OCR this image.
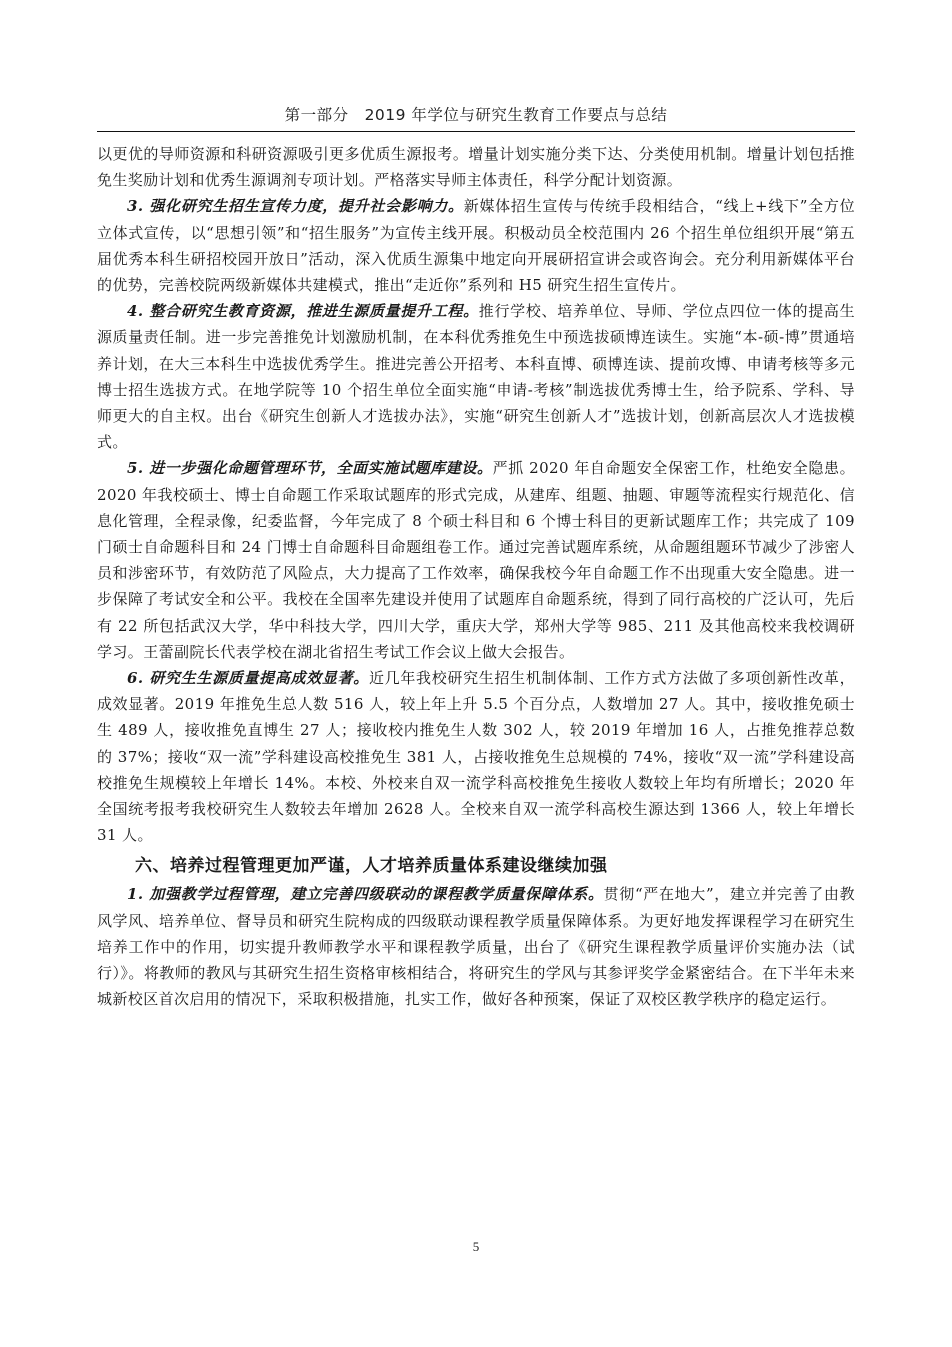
第一部分　2019 年学位与研究生教育工作要点与总结

以更优的导师资源和科研资源吸引更多优质生源报考。增量计划实施分类下达、分类使用机制。增量计划包括推免生奖励计划和优秀生源调剂专项计划。严格落实导师主体责任，科学分配计划资源。

3. 强化研究生招生宣传力度，提升社会影响力。新媒体招生宣传与传统手段相结合，“线上+线下”全方位立体式宣传，以“思想引领”和“招生服务”为宣传主线开展。积极动员全校范围内 26 个招生单位组织开展“第五届优秀本科生研招校园开放日”活动，深入优质生源集中地定向开展研招宣讲会或咨询会。充分利用新媒体平台的优势，完善校院两级新媒体共建模式，推出“走近你”系列和 H5 研究生招生宣传片。

4. 整合研究生教育资源，推进生源质量提升工程。推行学校、培养单位、导师、学位点四位一体的提高生源质量责任制。进一步完善推免计划激励机制，在本科优秀推免生中预选拔硕博连读生。实施“本-硕-博”贯通培养计划，在大三本科生中选拔优秀学生。推进完善公开招考、本科直博、硕博连读、提前攻博、申请考核等多元博士招生选拔方式。在地学院等 10 个招生单位全面实施“申请-考核”制选拔优秀博士生，给予院系、学科、导师更大的自主权。出台《研究生创新人才选拔办法》，实施“研究生创新人才”选拔计划，创新高层次人才选拔模式。

5. 进一步强化命题管理环节，全面实施试题库建设。严抓 2020 年自命题安全保密工作，杜绝安全隐患。2020 年我校硕士、博士自命题工作采取试题库的形式完成，从建库、组题、抽题、审题等流程实行规范化、信息化管理，全程录像，纪委监督，今年完成了 8 个硕士科目和 6 个博士科目的更新试题库工作；共完成了 109 门硕士自命题科目和 24 门博士自命题科目命题组卷工作。通过完善试题库系统，从命题组题环节减少了涉密人员和涉密环节，有效防范了风险点，大力提高了工作效率，确保我校今年自命题工作不出现重大安全隐患。进一步保障了考试安全和公平。我校在全国率先建设并使用了试题库自命题系统，得到了同行高校的广泛认可，先后有 22 所包括武汉大学，华中科技大学，四川大学，重庆大学，郑州大学等 985、211 及其他高校来我校调研学习。王蕾副院长代表学校在湖北省招生考试工作会议上做大会报告。

6. 研究生生源质量提高成效显著。近几年我校研究生招生机制体制、工作方式方法做了多项创新性改革，成效显著。2019 年推免生总人数 516 人，较上年上升 5.5 个百分点，人数增加 27 人。其中，接收推免硕士生 489 人，接收推免直博生 27 人；接收校内推免生人数 302 人，较 2019 年增加 16 人，占推免推荐总数的 37%；接收“双一流”学科建设高校推免生 381 人，占接收推免生总规模的 74%，接收“双一流”学科建设高校推免生规模较上年增长 14%。本校、外校来自双一流学科高校推免生接收人数较上年均有所增长；2020 年全国统考报考我校研究生人数较去年增加 2628 人。全校来自双一流学科高校生源达到 1366 人，较上年增长 31 人。

六、培养过程管理更加严谨，人才培养质量体系建设继续加强

1. 加强教学过程管理，建立完善四级联动的课程教学质量保障体系。贯彻“严在地大”，建立并完善了由教风学风、培养单位、督导员和研究生院构成的四级联动课程教学质量保障体系。为更好地发挥课程学习在研究生培养工作中的作用，切实提升教师教学水平和课程教学质量，出台了《研究生课程教学质量评价实施办法（试行）》。将教师的教风与其研究生招生资格审核相结合，将研究生的学风与其参评奖学金紧密结合。在下半年未来城新校区首次启用的情况下，采取积极措施，扎实工作，做好各种预案，保证了双校区教学秩序的稳定运行。

5
